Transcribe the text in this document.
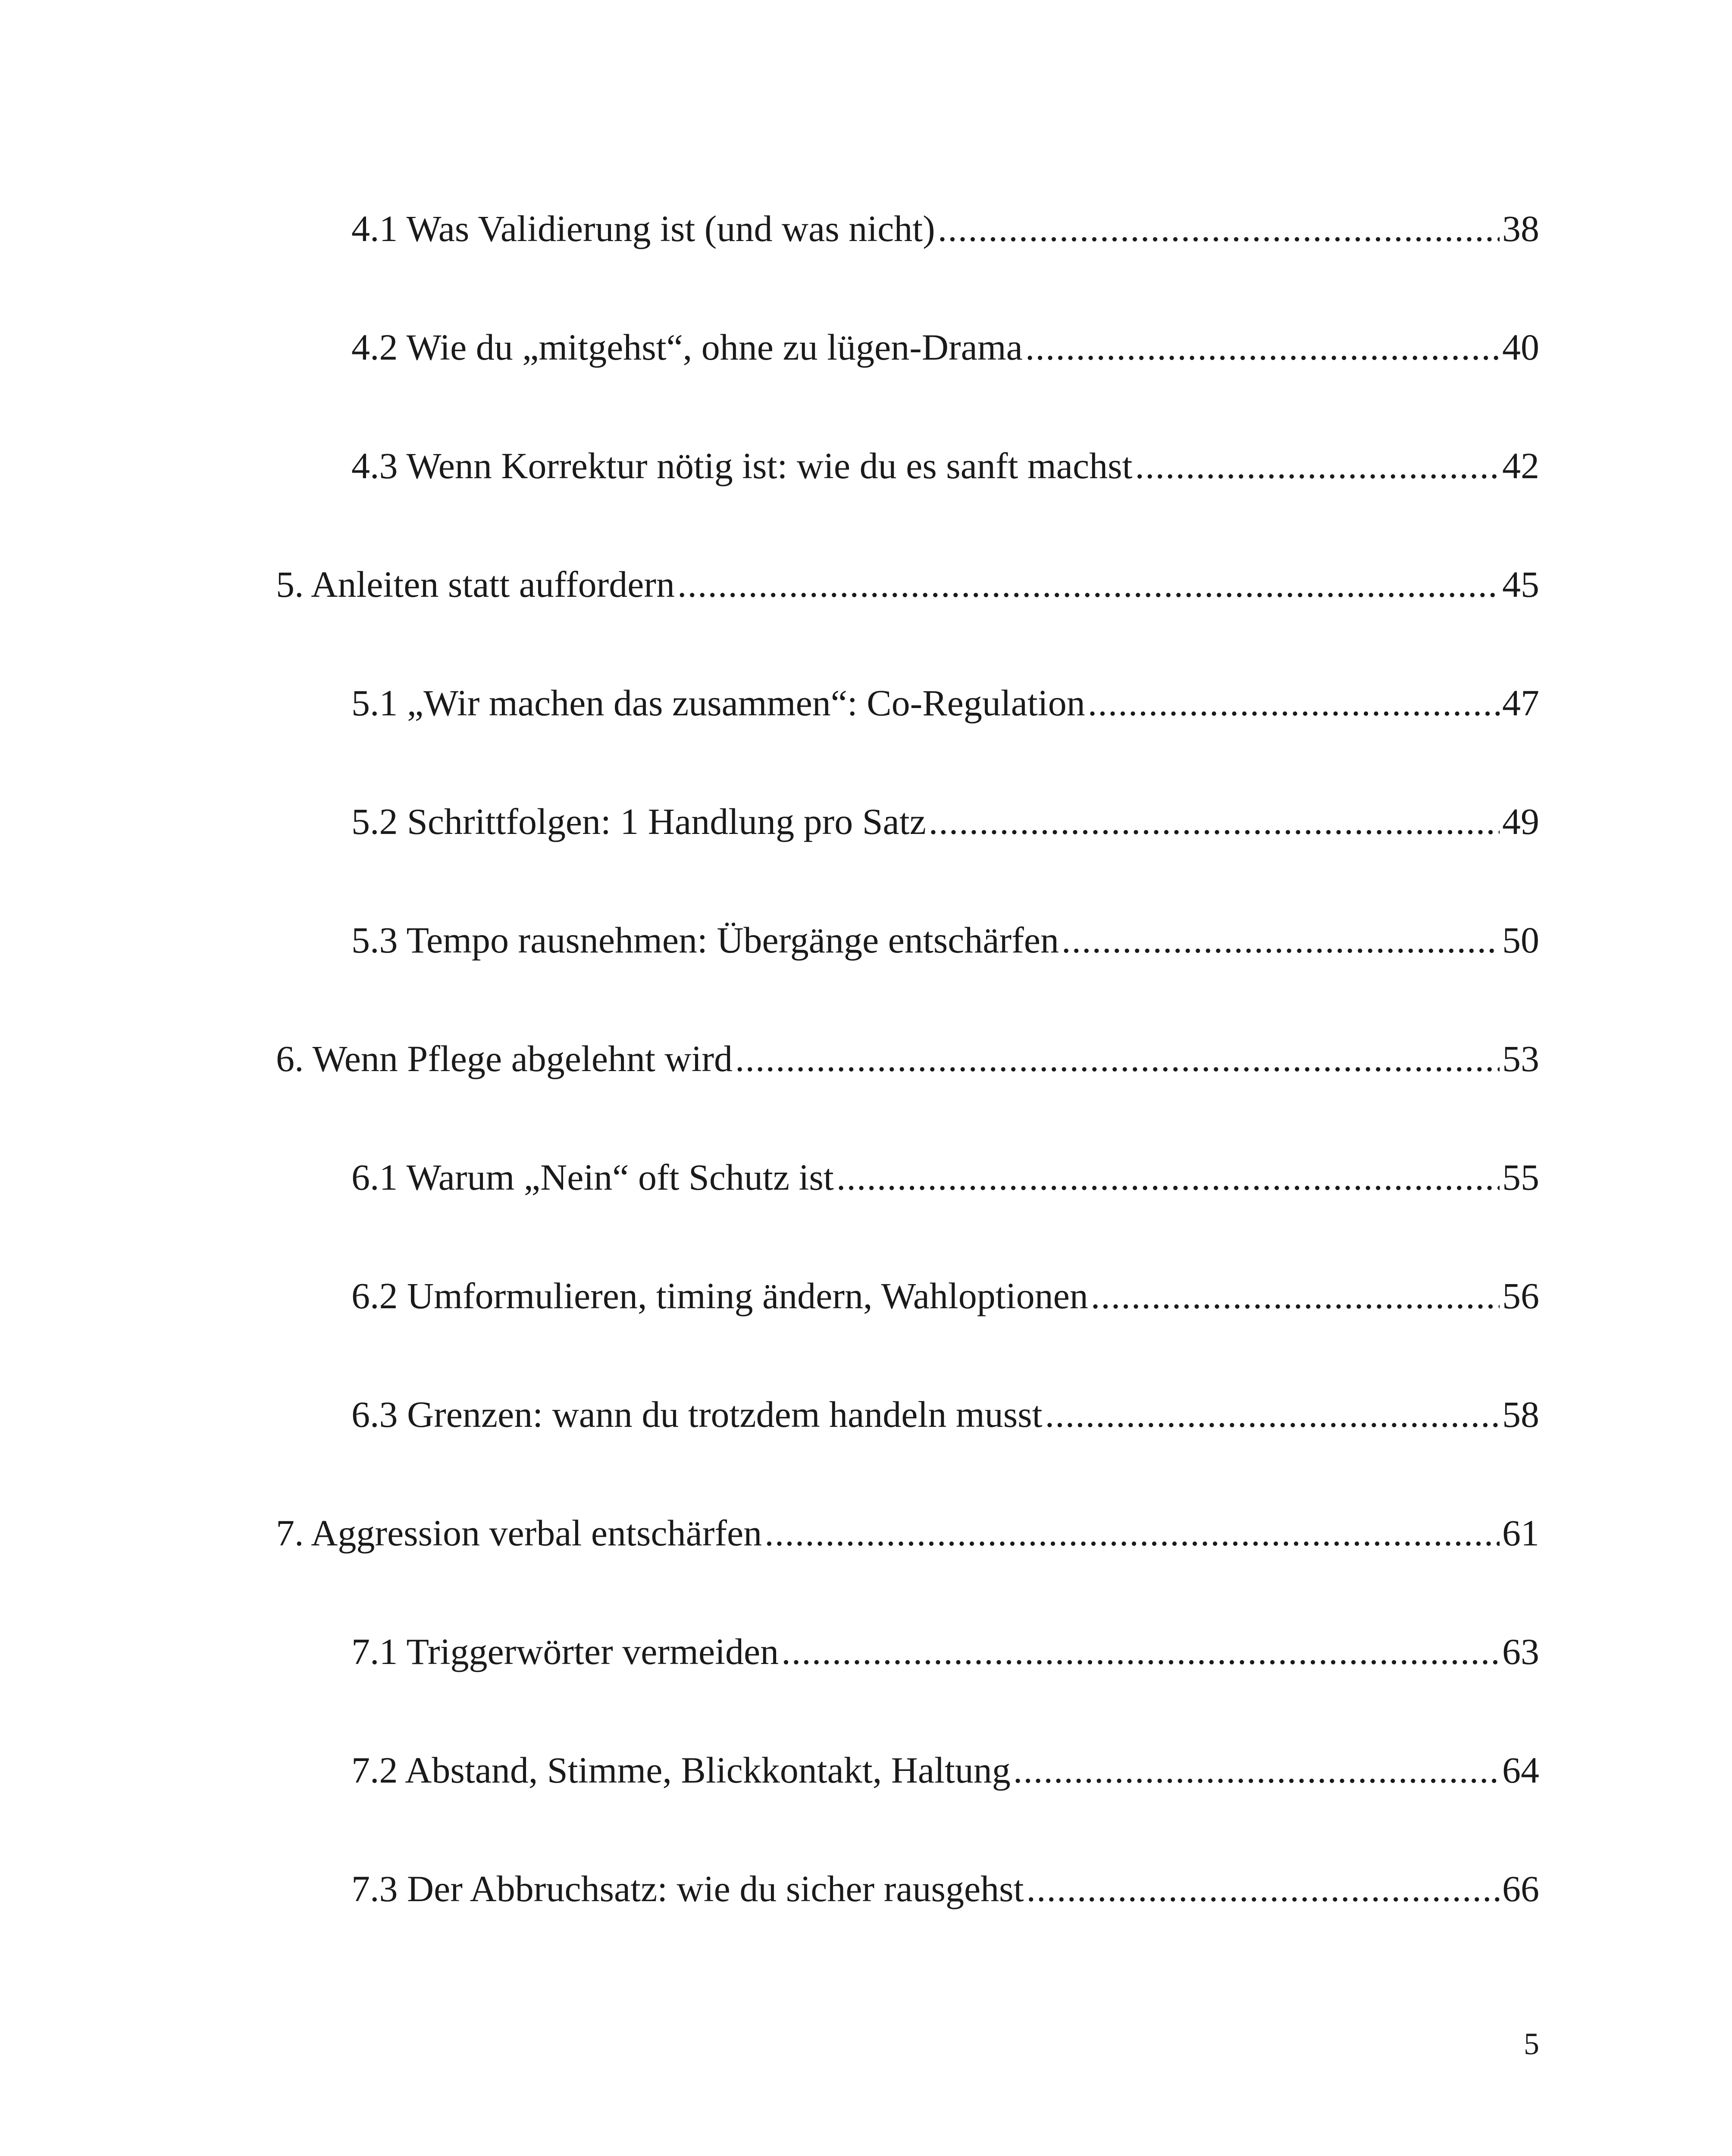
4.1 Was Validierung ist (und was nicht) .....	38
4.2 Wie du „mitgehst“, ohne zu lügen-Drama .....	40
4.3 Wenn Korrektur nötig ist: wie du es sanft machst .....	42
5. Anleiten statt auffordern .....	45
5.1 „Wir machen das zusammen“: Co-Regulation .....	47
5.2 Schrittfolgen: 1 Handlung pro Satz .....	49
5.3 Tempo rausnehmen: Übergänge entschärfen .....	50
6. Wenn Pflege abgelehnt wird .....	53
6.1 Warum „Nein“ oft Schutz ist .....	55
6.2 Umformulieren, timing ändern, Wahloptionen .....	56
6.3 Grenzen: wann du trotzdem handeln musst .....	58
7. Aggression verbal entschärfen .....	61
7.1 Triggerwörter vermeiden .....	63
7.2 Abstand, Stimme, Blickkontakt, Haltung .....	64
7.3 Der Abbruchsatz: wie du sicher rausgehst .....	66
5
